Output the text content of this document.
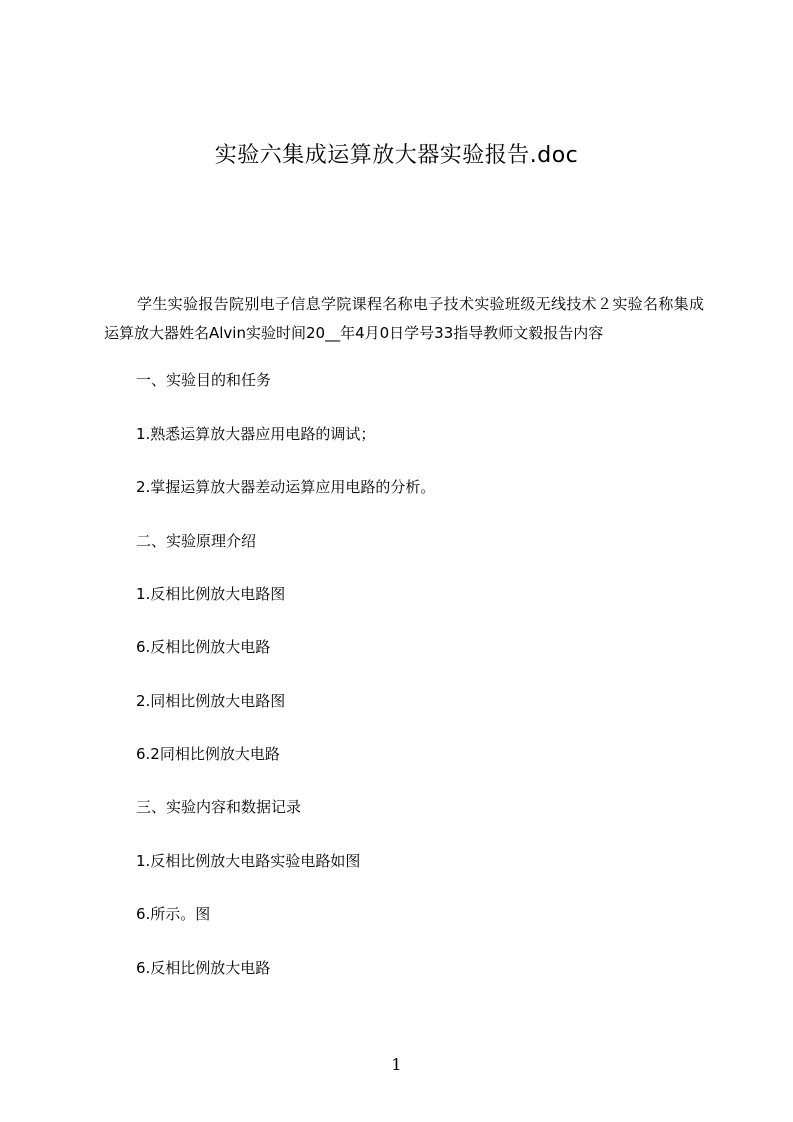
实验六集成运算放大器实验报告.doc
学生实验报告院别电子信息学院课程名称电子技术实验班级无线技术２实验名称集成运算放大器姓名Alvin实验时间20__年4月0日学号33指导教师文毅报告内容
一、实验目的和任务
1.熟悉运算放大器应用电路的调试；
2.掌握运算放大器差动运算应用电路的分析。
二、实验原理介绍
1.反相比例放大电路图
6.反相比例放大电路
2.同相比例放大电路图
6.2同相比例放大电路
三、实验内容和数据记录
1.反相比例放大电路实验电路如图
6.所示。图
6.反相比例放大电路
1
